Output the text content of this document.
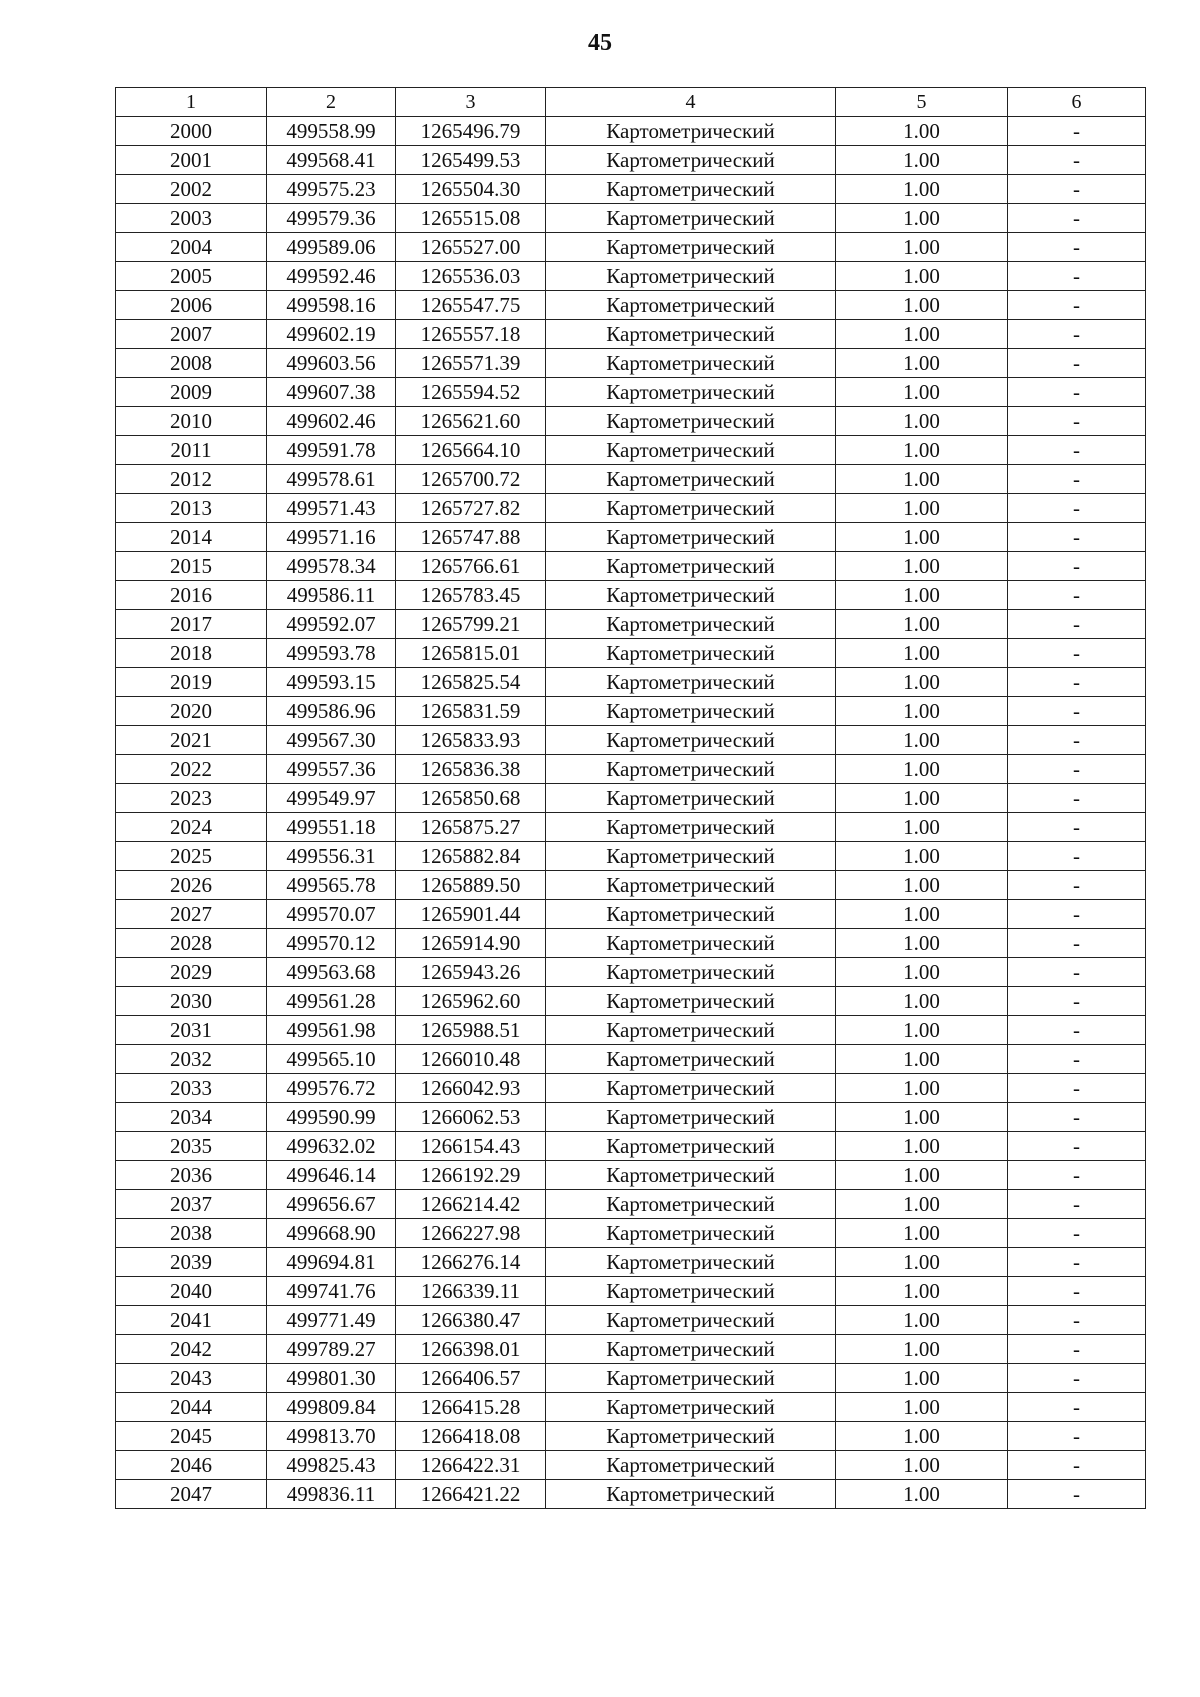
45
1	2	3	4	5	6
2000	499558.99	1265496.79	Картометрический	1.00	-
2001	499568.41	1265499.53	Картометрический	1.00	-
2002	499575.23	1265504.30	Картометрический	1.00	-
2003	499579.36	1265515.08	Картометрический	1.00	-
2004	499589.06	1265527.00	Картометрический	1.00	-
2005	499592.46	1265536.03	Картометрический	1.00	-
2006	499598.16	1265547.75	Картометрический	1.00	-
2007	499602.19	1265557.18	Картометрический	1.00	-
2008	499603.56	1265571.39	Картометрический	1.00	-
2009	499607.38	1265594.52	Картометрический	1.00	-
2010	499602.46	1265621.60	Картометрический	1.00	-
2011	499591.78	1265664.10	Картометрический	1.00	-
2012	499578.61	1265700.72	Картометрический	1.00	-
2013	499571.43	1265727.82	Картометрический	1.00	-
2014	499571.16	1265747.88	Картометрический	1.00	-
2015	499578.34	1265766.61	Картометрический	1.00	-
2016	499586.11	1265783.45	Картометрический	1.00	-
2017	499592.07	1265799.21	Картометрический	1.00	-
2018	499593.78	1265815.01	Картометрический	1.00	-
2019	499593.15	1265825.54	Картометрический	1.00	-
2020	499586.96	1265831.59	Картометрический	1.00	-
2021	499567.30	1265833.93	Картометрический	1.00	-
2022	499557.36	1265836.38	Картометрический	1.00	-
2023	499549.97	1265850.68	Картометрический	1.00	-
2024	499551.18	1265875.27	Картометрический	1.00	-
2025	499556.31	1265882.84	Картометрический	1.00	-
2026	499565.78	1265889.50	Картометрический	1.00	-
2027	499570.07	1265901.44	Картометрический	1.00	-
2028	499570.12	1265914.90	Картометрический	1.00	-
2029	499563.68	1265943.26	Картометрический	1.00	-
2030	499561.28	1265962.60	Картометрический	1.00	-
2031	499561.98	1265988.51	Картометрический	1.00	-
2032	499565.10	1266010.48	Картометрический	1.00	-
2033	499576.72	1266042.93	Картометрический	1.00	-
2034	499590.99	1266062.53	Картометрический	1.00	-
2035	499632.02	1266154.43	Картометрический	1.00	-
2036	499646.14	1266192.29	Картометрический	1.00	-
2037	499656.67	1266214.42	Картометрический	1.00	-
2038	499668.90	1266227.98	Картометрический	1.00	-
2039	499694.81	1266276.14	Картометрический	1.00	-
2040	499741.76	1266339.11	Картометрический	1.00	-
2041	499771.49	1266380.47	Картометрический	1.00	-
2042	499789.27	1266398.01	Картометрический	1.00	-
2043	499801.30	1266406.57	Картометрический	1.00	-
2044	499809.84	1266415.28	Картометрический	1.00	-
2045	499813.70	1266418.08	Картометрический	1.00	-
2046	499825.43	1266422.31	Картометрический	1.00	-
2047	499836.11	1266421.22	Картометрический	1.00	-
